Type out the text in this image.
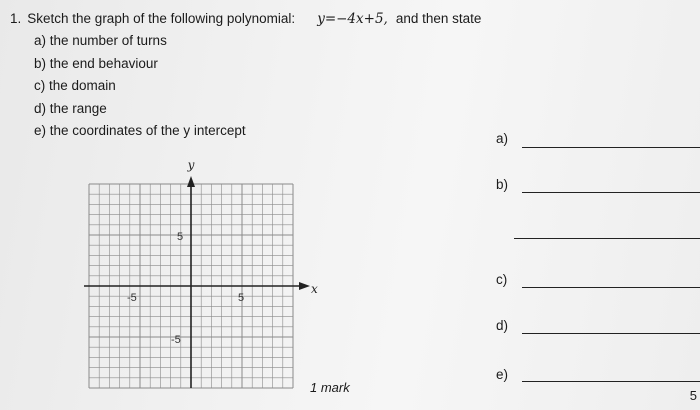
1. Sketch the graph of the following polynomial: y=−4x+5, and then state
a) the number of turns
b) the end behaviour
c) the domain
d) the range
e) the coordinates of the y intercept
y
x
5
-5
-5	5
1 mark
a)
b)
c)
d)
e)
5
